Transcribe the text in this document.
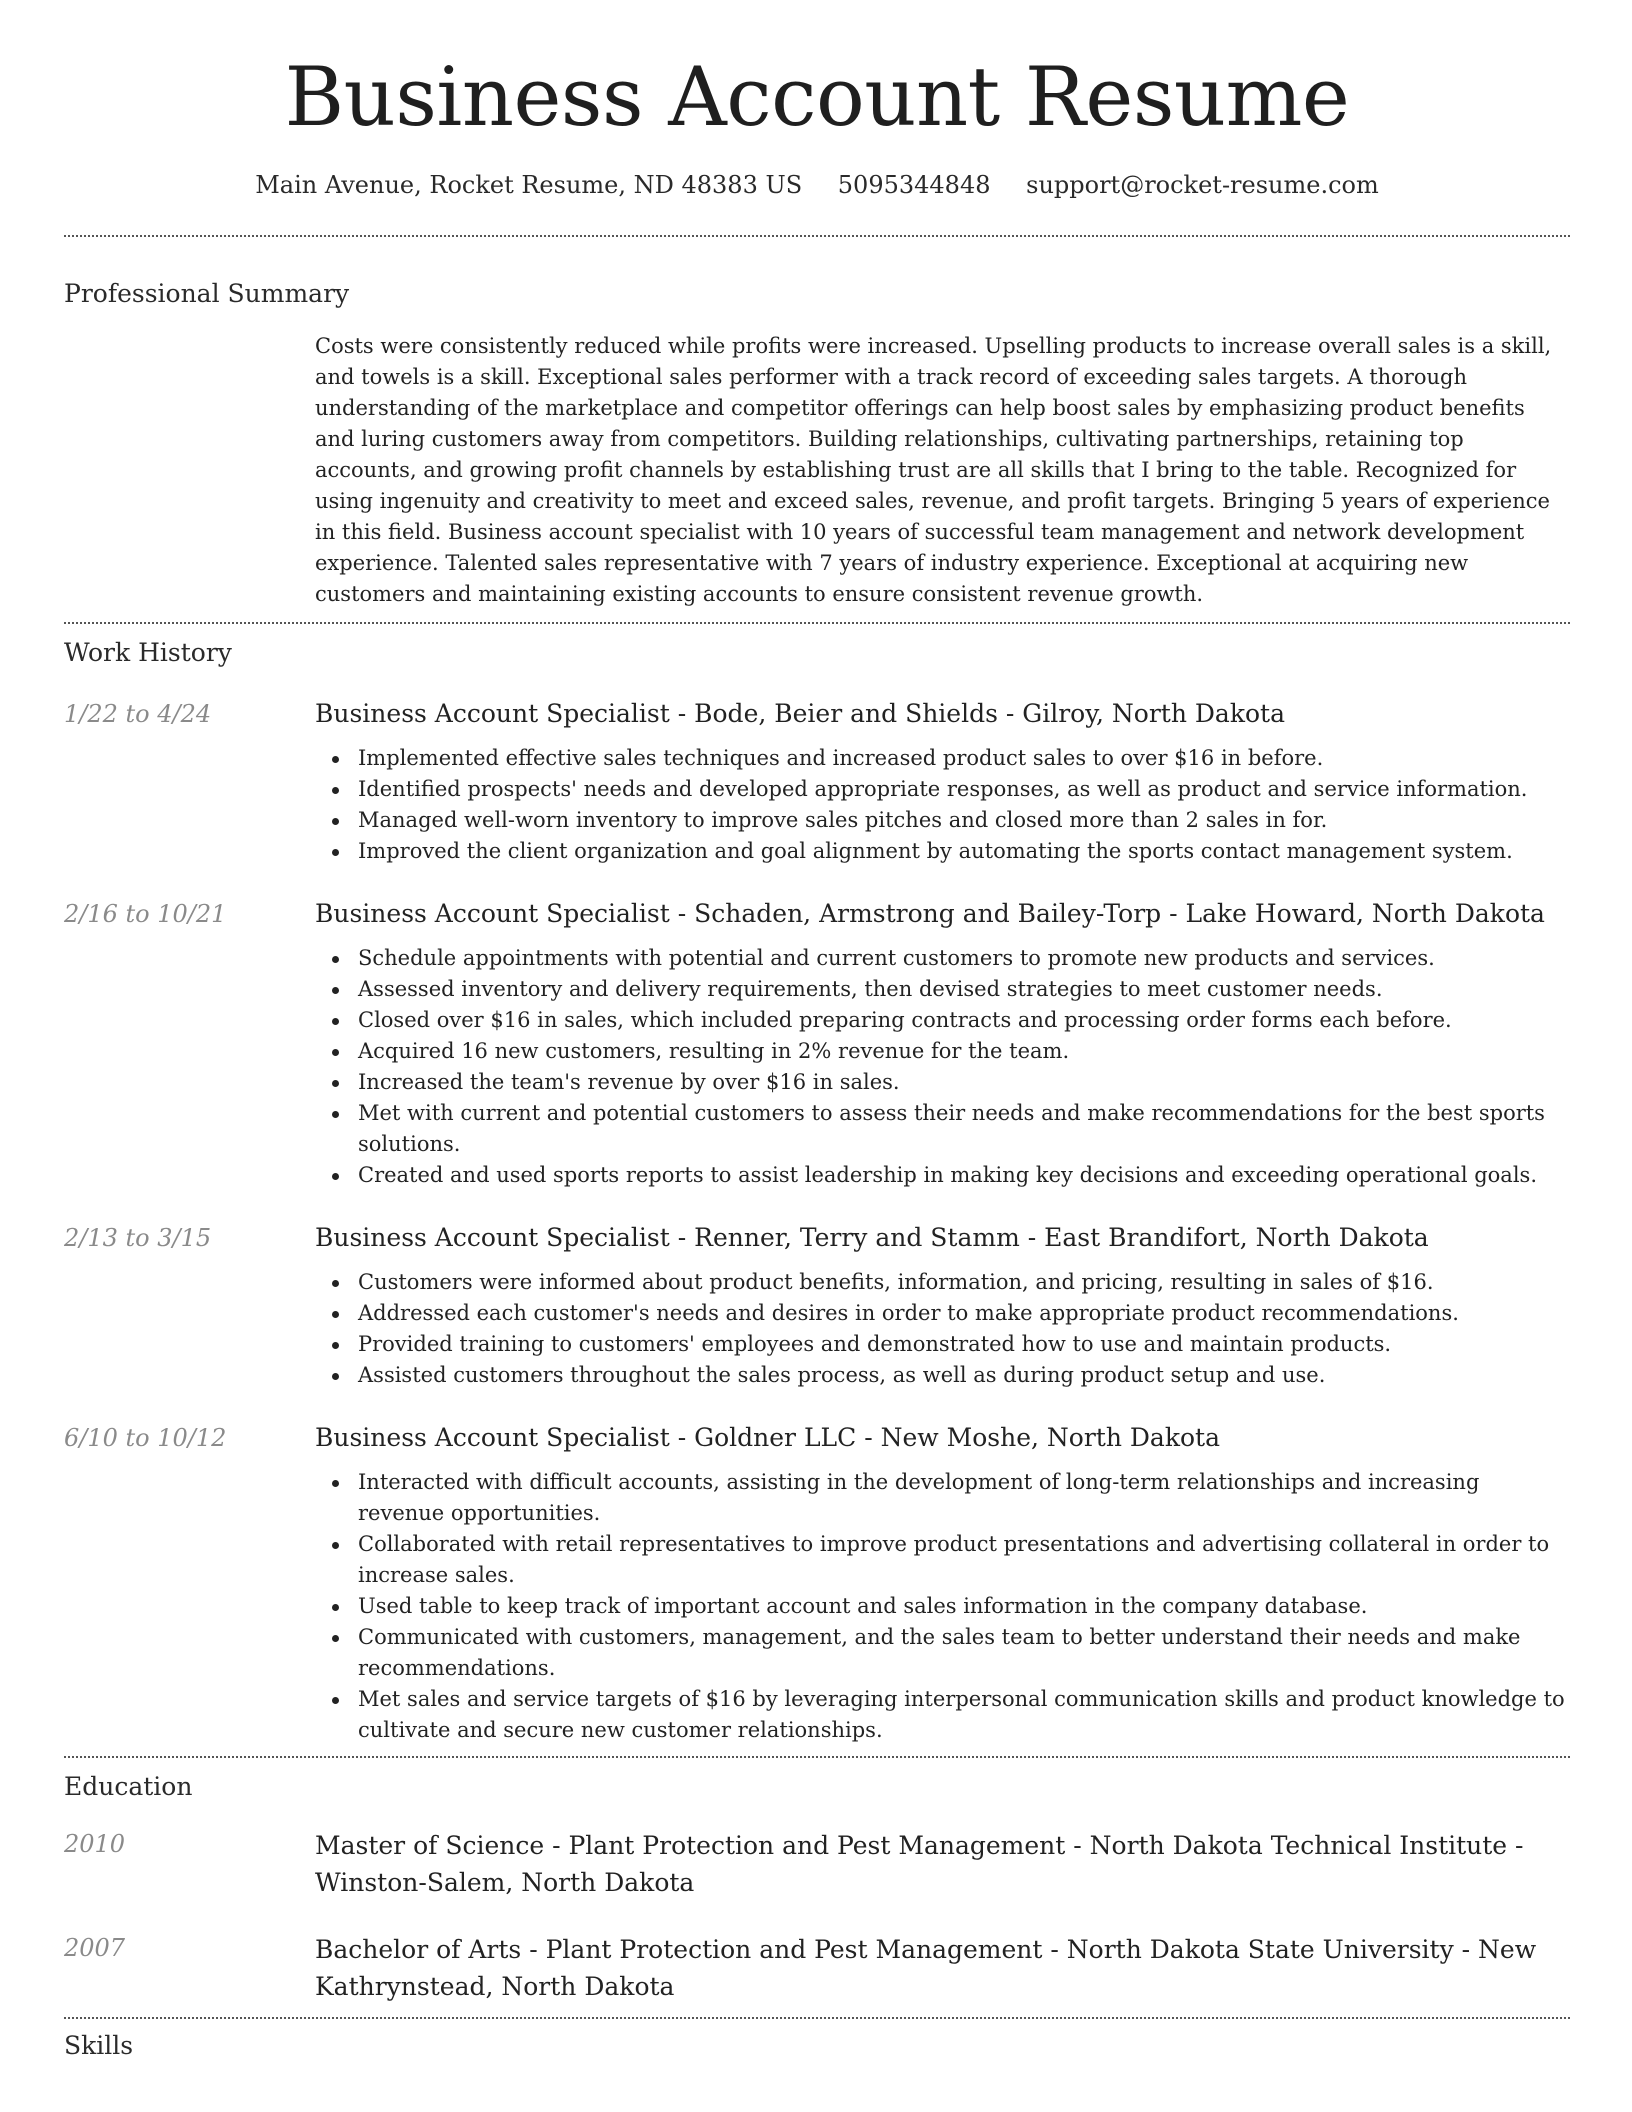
Business Account Resume
Main Avenue, Rocket Resume, ND 48383 US 5095344848 support@rocket-resume.com
Professional Summary

Costs were consistently reduced while profits were increased. Upselling products to increase overall sales is a skill, and towels is a skill. Exceptional sales performer with a track record of exceeding sales targets. A thorough understanding of the marketplace and competitor offerings can help boost sales by emphasizing product benefits and luring customers away from competitors. Building relationships, cultivating partnerships, retaining top accounts, and growing profit channels by establishing trust are all skills that I bring to the table. Recognized for using ingenuity and creativity to meet and exceed sales, revenue, and profit targets. Bringing 5 years of experience in this field. Business account specialist with 10 years of successful team management and network development experience. Talented sales representative with 7 years of industry experience. Exceptional at acquiring new customers and maintaining existing accounts to ensure consistent revenue growth.

Work History
1/22 to 4/24	Business Account Specialist - Bode, Beier and Shields - Gilroy, North Dakota
Implemented effective sales techniques and increased product sales to over $16 in before.
Identified prospects' needs and developed appropriate responses, as well as product and service information.
Managed well-worn inventory to improve sales pitches and closed more than 2 sales in for.
Improved the client organization and goal alignment by automating the sports contact management system.
2/16 to 10/21	Business Account Specialist - Schaden, Armstrong and Bailey-Torp - Lake Howard, North Dakota
Schedule appointments with potential and current customers to promote new products and services.
Assessed inventory and delivery requirements, then devised strategies to meet customer needs.
Closed over $16 in sales, which included preparing contracts and processing order forms each before.
Acquired 16 new customers, resulting in 2% revenue for the team.
Increased the team's revenue by over $16 in sales.
Met with current and potential customers to assess their needs and make recommendations for the best sports solutions.
Created and used sports reports to assist leadership in making key decisions and exceeding operational goals.
2/13 to 3/15	Business Account Specialist - Renner, Terry and Stamm - East Brandifort, North Dakota
Customers were informed about product benefits, information, and pricing, resulting in sales of $16.
Addressed each customer's needs and desires in order to make appropriate product recommendations.
Provided training to customers' employees and demonstrated how to use and maintain products.
Assisted customers throughout the sales process, as well as during product setup and use.
6/10 to 10/12	Business Account Specialist - Goldner LLC - New Moshe, North Dakota
Interacted with difficult accounts, assisting in the development of long-term relationships and increasing revenue opportunities.
Collaborated with retail representatives to improve product presentations and advertising collateral in order to increase sales.
Used table to keep track of important account and sales information in the company database.
Communicated with customers, management, and the sales team to better understand their needs and make recommendations.
Met sales and service targets of $16 by leveraging interpersonal communication skills and product knowledge to cultivate and secure new customer relationships.
Education
2010	Master of Science - Plant Protection and Pest Management - North Dakota Technical Institute - Winston-Salem, North Dakota
2007	Bachelor of Arts - Plant Protection and Pest Management - North Dakota State University - New Kathrynstead, North Dakota
Skills
